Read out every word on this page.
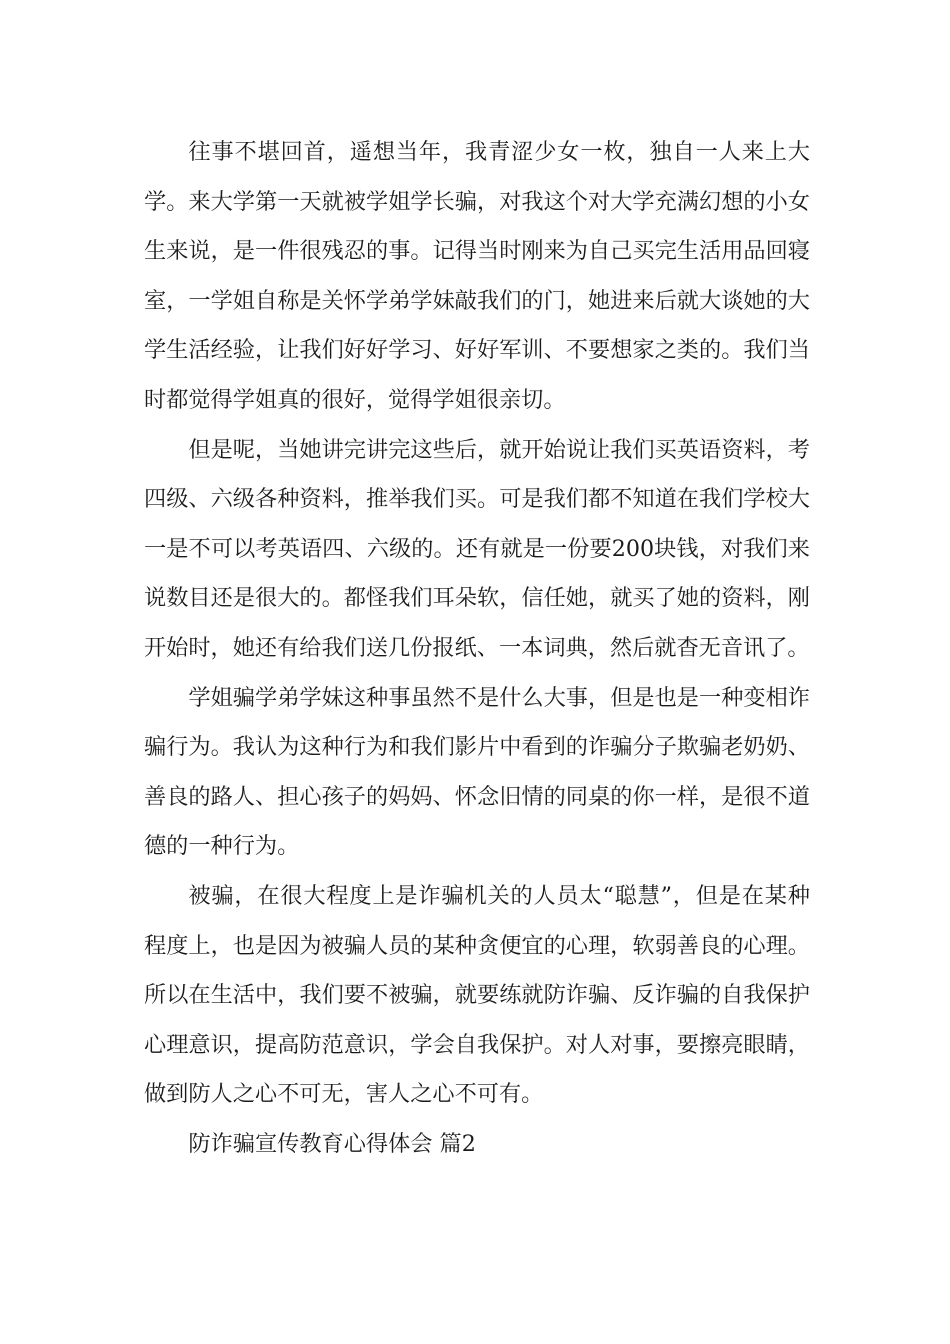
往事不堪回首，遥想当年，我青涩少女一枚，独自一人来上大学。来大学第一天就被学姐学长骗，对我这个对大学充满幻想的小女生来说，是一件很残忍的事。记得当时刚来为自己买完生活用品回寝室，一学姐自称是关怀学弟学妹敲我们的门，她进来后就大谈她的大学生活经验，让我们好好学习、好好军训、不要想家之类的。我们当时都觉得学姐真的很好，觉得学姐很亲切。

但是呢，当她讲完讲完这些后，就开始说让我们买英语资料，考四级、六级各种资料，推举我们买。可是我们都不知道在我们学校大一是不可以考英语四、六级的。还有就是一份要200块钱，对我们来说数目还是很大的。都怪我们耳朵软，信任她，就买了她的资料，刚开始时，她还有给我们送几份报纸、一本词典，然后就杳无音讯了。

学姐骗学弟学妹这种事虽然不是什么大事，但是也是一种变相诈骗行为。我认为这种行为和我们影片中看到的诈骗分子欺骗老奶奶、善良的路人、担心孩子的妈妈、怀念旧情的同桌的你一样，是很不道德的一种行为。

被骗，在很大程度上是诈骗机关的人员太“聪慧”，但是在某种程度上，也是因为被骗人员的某种贪便宜的心理，软弱善良的心理。所以在生活中，我们要不被骗，就要练就防诈骗、反诈骗的自我保护心理意识，提高防范意识，学会自我保护。对人对事，要擦亮眼睛，做到防人之心不可无，害人之心不可有。

防诈骗宣传教育心得体会 篇2
